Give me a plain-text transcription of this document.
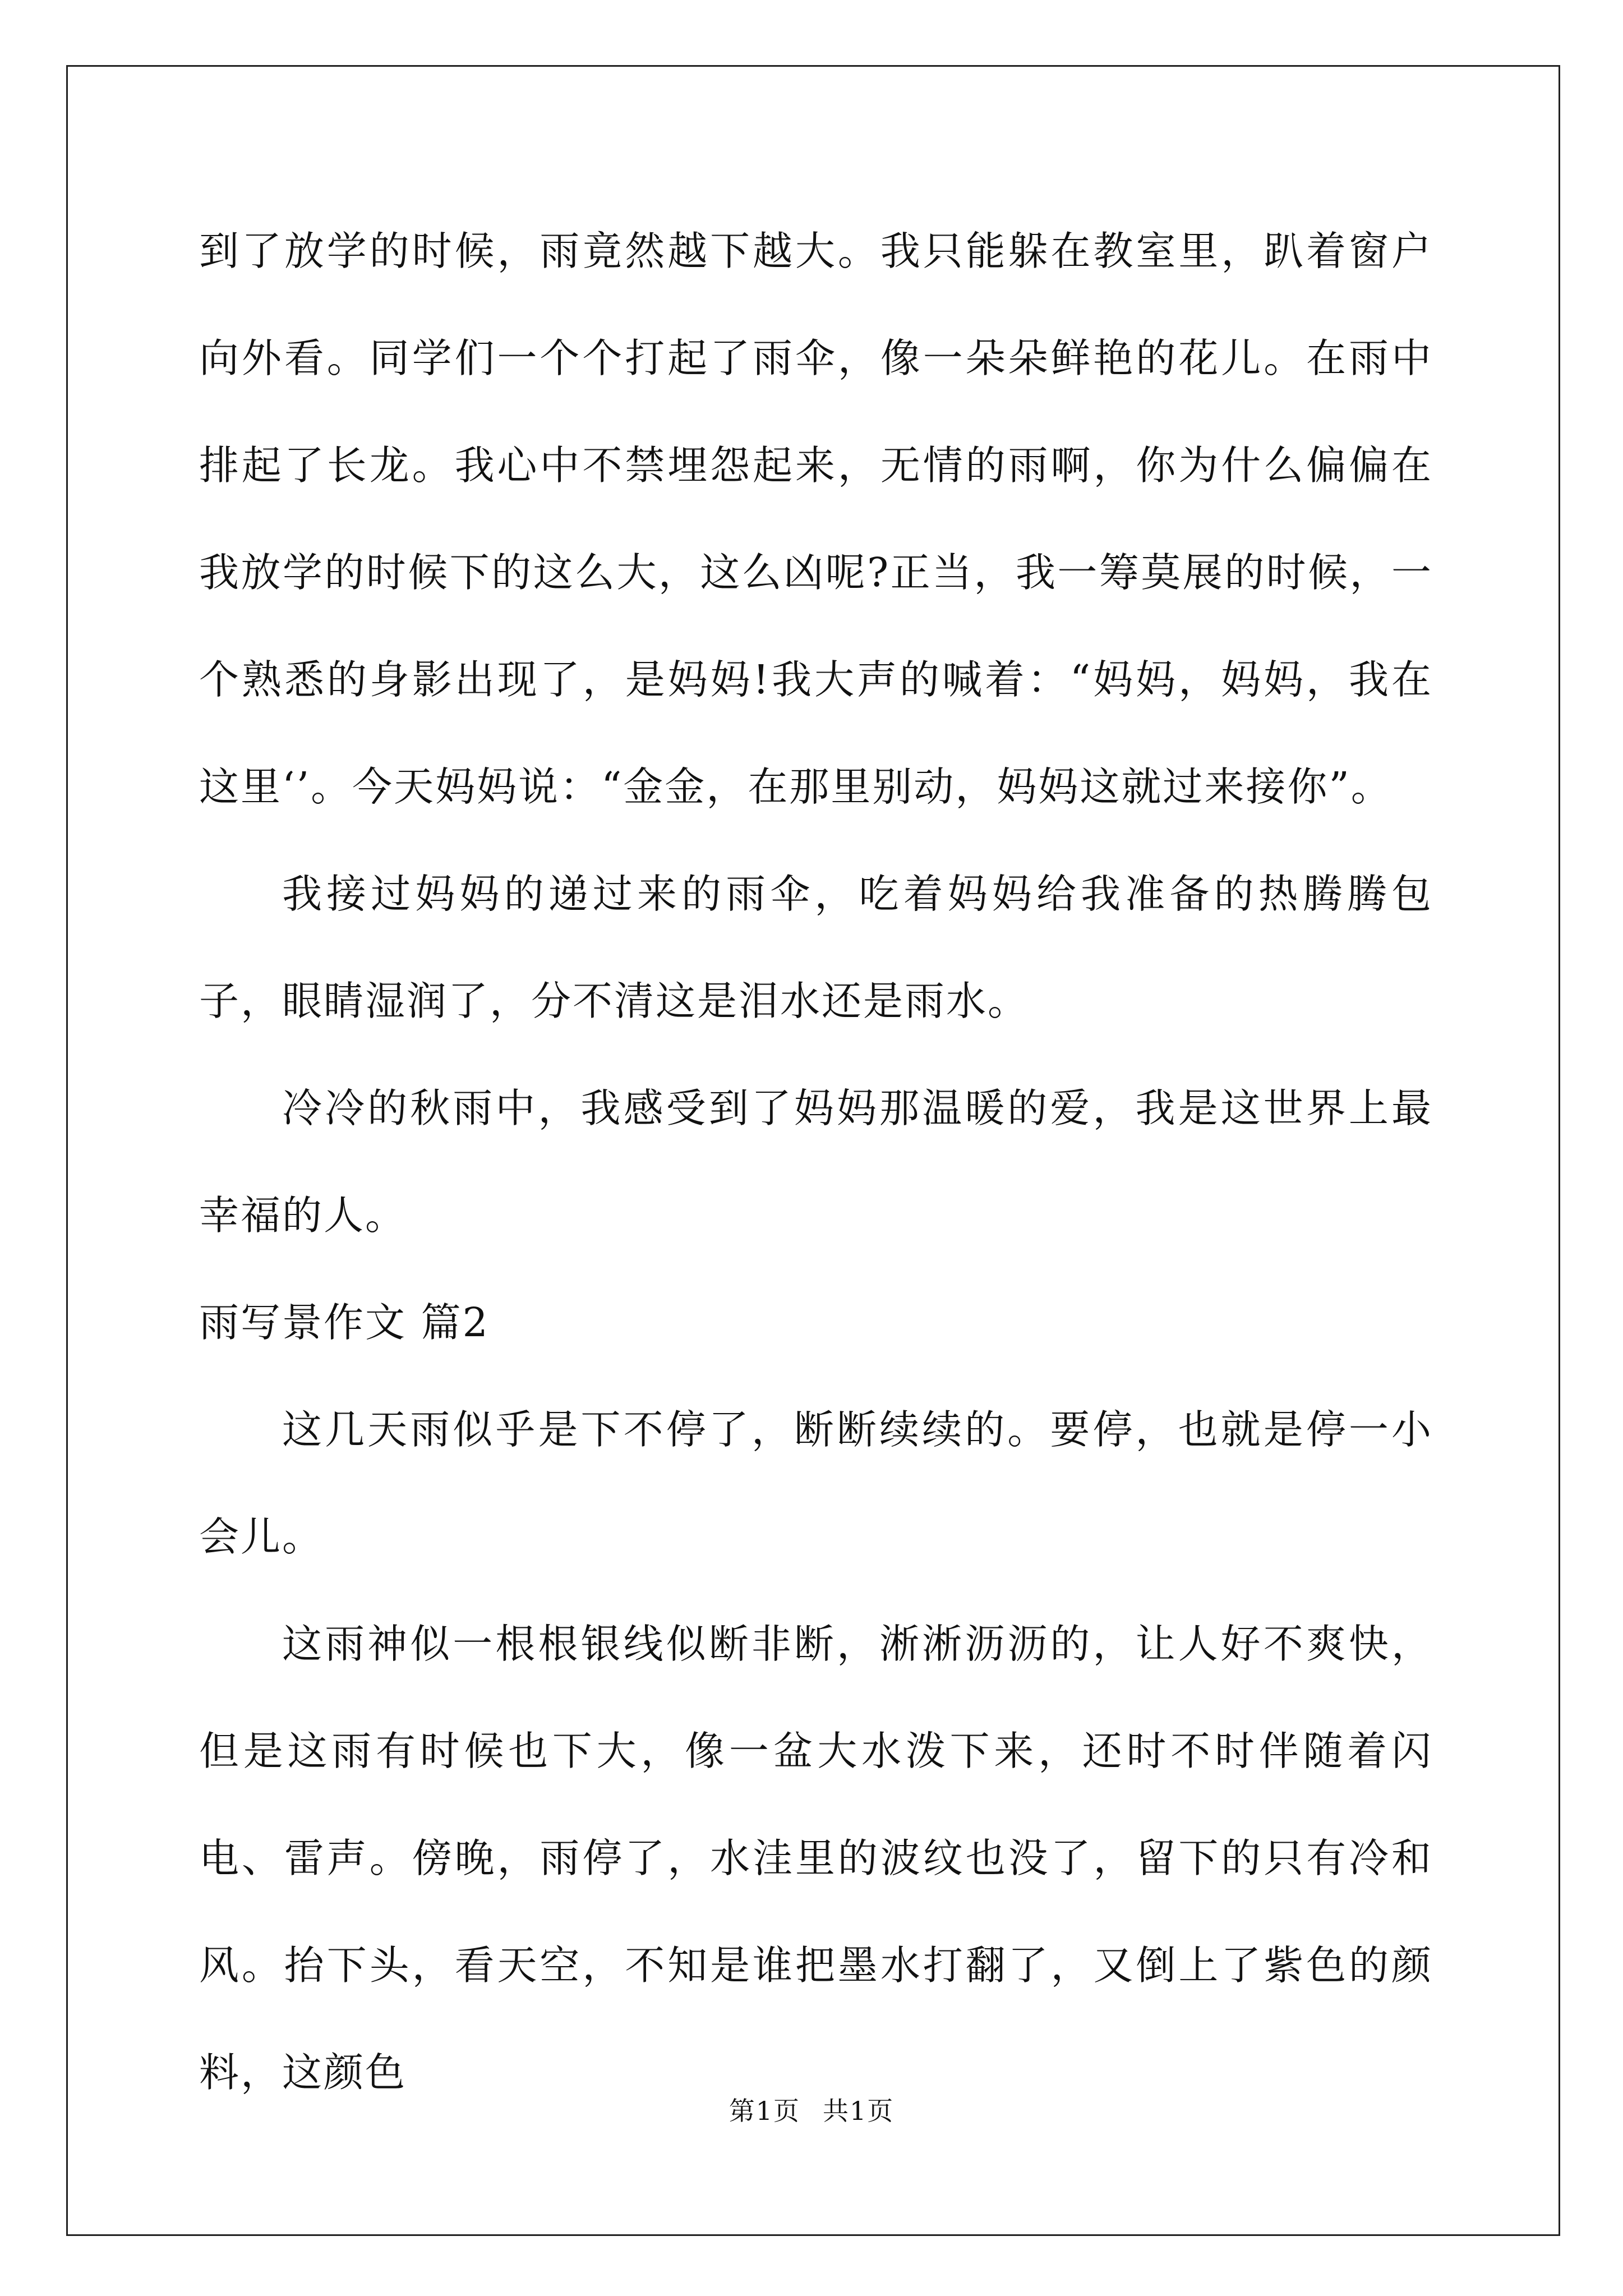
到了放学的时候，雨竟然越下越大。我只能躲在教室里，趴着窗户向外看。同学们一个个打起了雨伞，像一朵朵鲜艳的花儿。在雨中排起了长龙。我心中不禁埋怨起来，无情的雨啊，你为什么偏偏在我放学的时候下的这么大，这么凶呢?正当，我一筹莫展的时候，一个熟悉的身影出现了，是妈妈!我大声的喊着：“妈妈，妈妈，我在这里‘’。今天妈妈说：“金金，在那里别动，妈妈这就过来接你”。

我接过妈妈的递过来的雨伞，吃着妈妈给我准备的热腾腾包子，眼睛湿润了，分不清这是泪水还是雨水。

冷冷的秋雨中，我感受到了妈妈那温暖的爱，我是这世界上最幸福的人。

雨写景作文 篇2

这几天雨似乎是下不停了，断断续续的。要停，也就是停一小会儿。

这雨神似一根根银线似断非断，淅淅沥沥的，让人好不爽快，但是这雨有时候也下大，像一盆大水泼下来，还时不时伴随着闪电、雷声。傍晚，雨停了，水洼里的波纹也没了，留下的只有冷和风。抬下头，看天空，不知是谁把墨水打翻了，又倒上了紫色的颜料，这颜色

第1页 共1页
